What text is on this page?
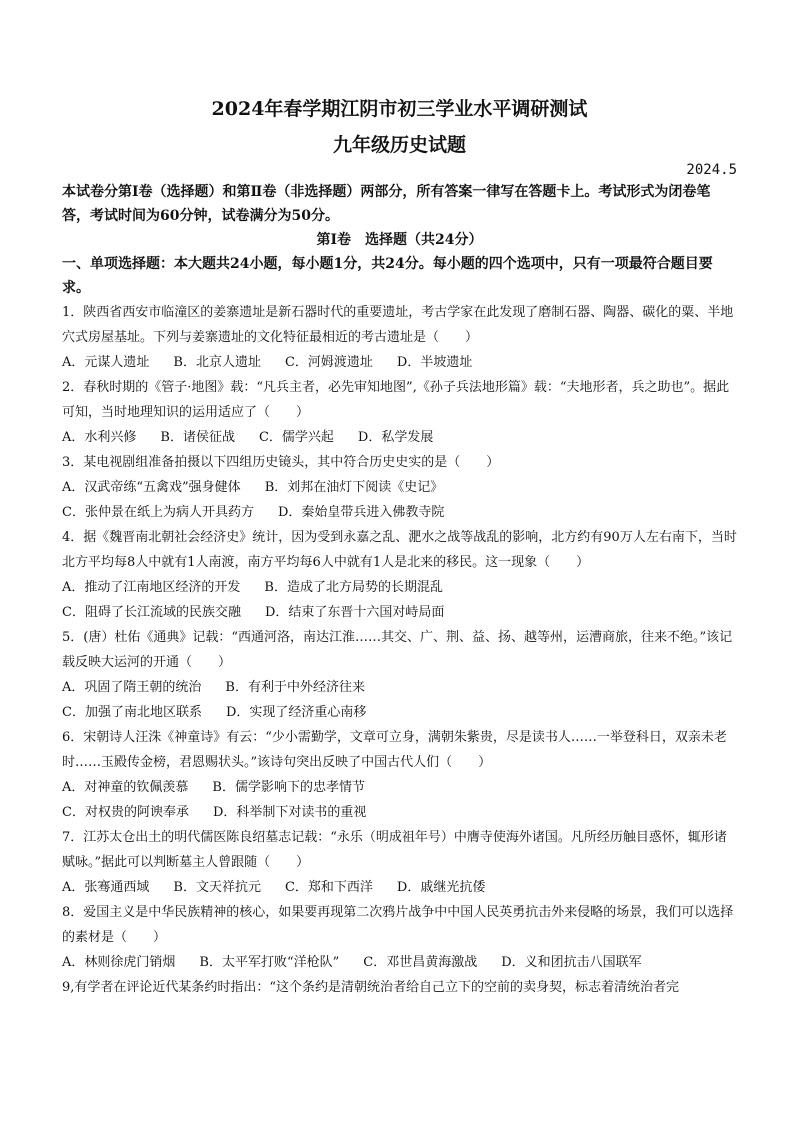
2024年春学期江阴市初三学业水平调研测试

九年级历史试题

2024.5

本试卷分第Ⅰ卷（选择题）和第Ⅱ卷（非选择题）两部分，所有答案一律写在答题卡上。考试形式为闭卷笔答，考试时间为60分钟，试卷满分为50分。

第Ⅰ卷　选择题（共24分）

一、单项选择题：本大题共24小题，每小题1分，共24分。每小题的四个选项中，只有一项最符合题目要求。

1．陕西省西安市临潼区的姜寨遗址是新石器时代的重要遗址，考古学家在此发现了磨制石器、陶器、碳化的粟、半地穴式房屋基址。下列与姜寨遗址的文化特征最相近的考古遗址是（　　）

A．元谋人遗址 B．北京人遗址 C．河姆渡遗址 D．半坡遗址

2．春秋时期的《管子·地图》载：“凡兵主者，必先审知地图”,《孙子兵法地形篇》载：“夫地形者，兵之助也”。据此可知，当时地理知识的运用适应了（　　）

A．水利兴修 B．诸侯征战 C．儒学兴起 D．私学发展

3．某电视剧组准备拍摄以下四组历史镜头，其中符合历史史实的是（　　）

A．汉武帝练“五禽戏”强身健体 B．刘邦在油灯下阅读《史记》

C．张仲景在纸上为病人开具药方 D．秦始皇带兵进入佛教寺院

4．据《魏晋南北朝社会经济史》统计，因为受到永嘉之乱、淝水之战等战乱的影响，北方约有90万人左右南下，当时北方平均每8人中就有1人南渡，南方平均每6人中就有1人是北来的移民。这一现象（　　）

A．推动了江南地区经济的开发 B．造成了北方局势的长期混乱

C．阻碍了长江流域的民族交融 D．结束了东晋十六国对峙局面

5．(唐）杜佑《通典》记载：“西通河洛，南达江淮……其交、广、荆、益、扬、越等州，运漕商旅，往来不绝。”该记载反映大运河的开通（　　）

A．巩固了隋王朝的统治 B．有利于中外经济往来

C．加强了南北地区联系 D．实现了经济重心南移

6．宋朝诗人汪洙《神童诗》有云：“少小需勤学，文章可立身，满朝朱紫贵，尽是读书人……一举登科日，双亲未老时……玉殿传金榜，君恩赐状头。”该诗句突出反映了中国古代人们（　　）

A．对神童的钦佩羡慕 B．儒学影响下的忠孝情节

C．对权贵的阿谀奉承 D．科举制下对读书的重视

7．江苏太仓出土的明代儒医陈良绍墓志记载：“永乐（明成祖年号）中膺寺使海外诸国。凡所经历触目惑怀，辄形诸赋咏。”据此可以判断墓主人曾跟随（　　）

A．张骞通西域 B．文天祥抗元 C．郑和下西洋 D．戚继光抗倭

8．爱国主义是中华民族精神的核心，如果要再现第二次鸦片战争中中国人民英勇抗击外来侵略的场景，我们可以选择的素材是（　　）

A．林则徐虎门销烟 B．太平军打败“洋枪队” C．邓世昌黄海激战 D．义和团抗击八国联军

9,有学者在评论近代某条约时指出：“这个条约是清朝统治者给自己立下的空前的卖身契，标志着清统治者完
